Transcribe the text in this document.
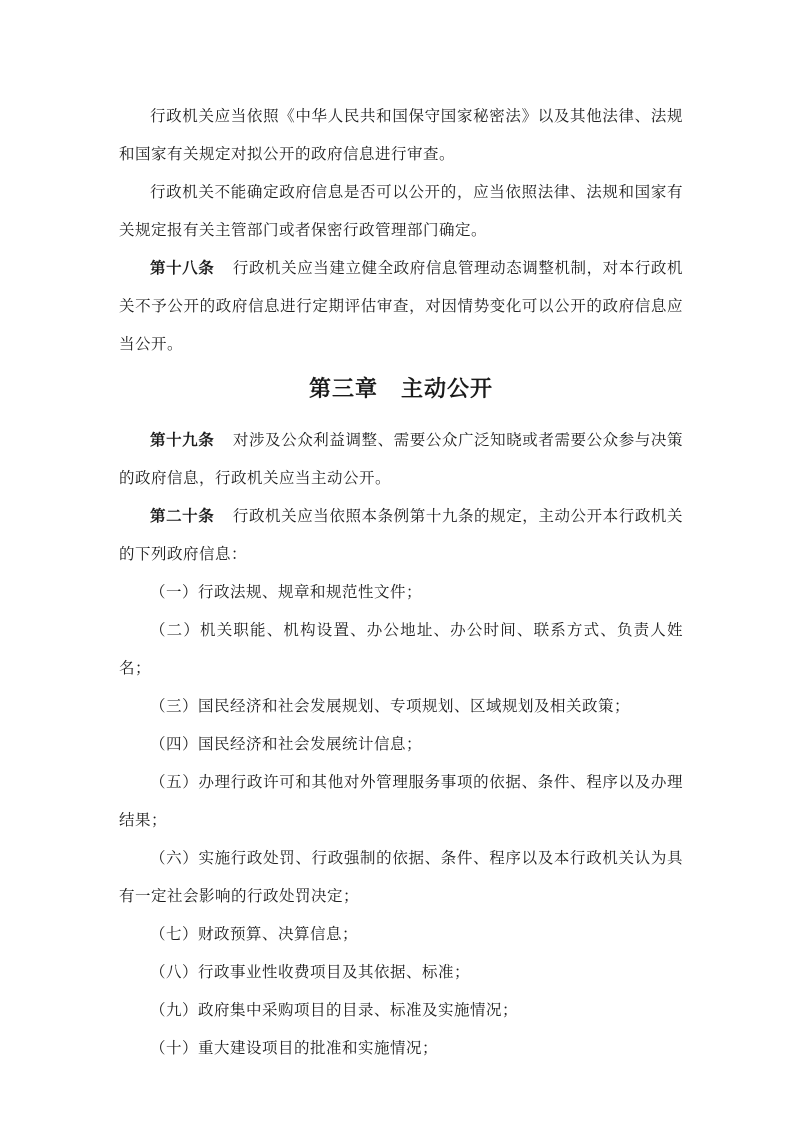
行政机关应当依照《中华人民共和国保守国家秘密法》以及其他法律、法规和国家有关规定对拟公开的政府信息进行审查。

行政机关不能确定政府信息是否可以公开的，应当依照法律、法规和国家有关规定报有关主管部门或者保密行政管理部门确定。

第十八条 行政机关应当建立健全政府信息管理动态调整机制，对本行政机关不予公开的政府信息进行定期评估审查，对因情势变化可以公开的政府信息应当公开。

第三章　主动公开

第十九条 对涉及公众利益调整、需要公众广泛知晓或者需要公众参与决策的政府信息，行政机关应当主动公开。

第二十条 行政机关应当依照本条例第十九条的规定，主动公开本行政机关的下列政府信息：

（一）行政法规、规章和规范性文件；

（二）机关职能、机构设置、办公地址、办公时间、联系方式、负责人姓名；

（三）国民经济和社会发展规划、专项规划、区域规划及相关政策；

（四）国民经济和社会发展统计信息；

（五）办理行政许可和其他对外管理服务事项的依据、条件、程序以及办理结果；

（六）实施行政处罚、行政强制的依据、条件、程序以及本行政机关认为具有一定社会影响的行政处罚决定；

（七）财政预算、决算信息；

（八）行政事业性收费项目及其依据、标准；

（九）政府集中采购项目的目录、标准及实施情况；

（十）重大建设项目的批准和实施情况；
